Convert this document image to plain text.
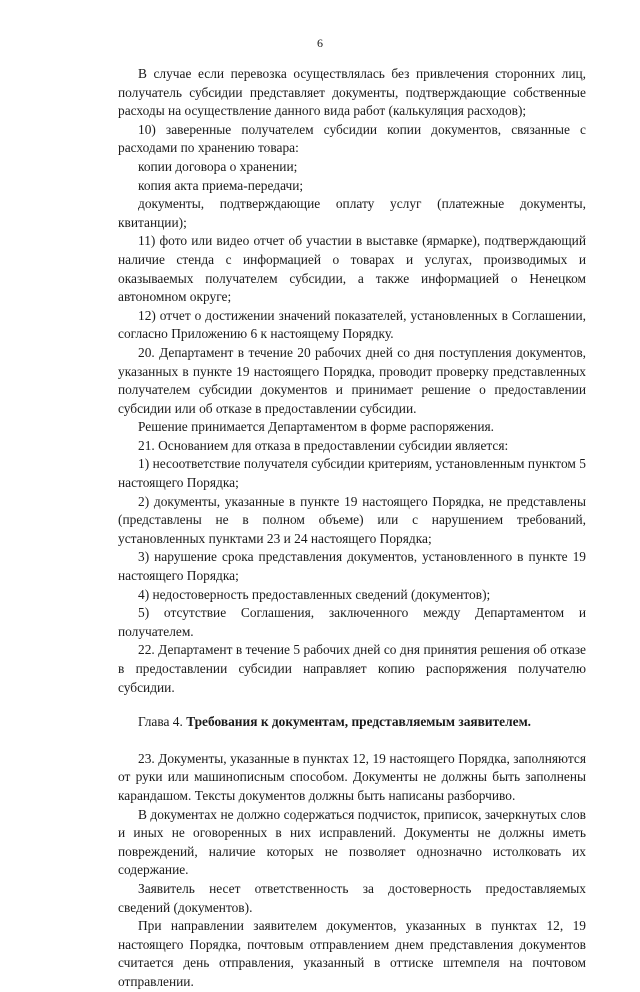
6

В случае если перевозка осуществлялась без привлечения сторонних лиц, получатель субсидии представляет документы, подтверждающие собственные расходы на осуществление данного вида работ (калькуляция расходов);

10) заверенные получателем субсидии копии документов, связанные с расходами по хранению товара:

копии договора о хранении;

копия акта приема-передачи;

документы, подтверждающие оплату услуг (платежные документы, квитанции);

11) фото или видео отчет об участии в выставке (ярмарке), подтверждающий наличие стенда с информацией о товарах и услугах, производимых и оказываемых получателем субсидии, а также информацией о Ненецком автономном округе;

12) отчет о достижении значений показателей, установленных в Соглашении, согласно Приложению 6 к настоящему Порядку.

20. Департамент в течение 20 рабочих дней со дня поступления документов, указанных в пункте 19 настоящего Порядка, проводит проверку представленных получателем субсидии документов и принимает решение о предоставлении субсидии или об отказе в предоставлении субсидии.

Решение принимается Департаментом в форме распоряжения.

21. Основанием для отказа в предоставлении субсидии является:

1) несоответствие получателя субсидии критериям, установленным пунктом 5 настоящего Порядка;

2) документы, указанные в пункте 19 настоящего Порядка, не представлены (представлены не в полном объеме) или с нарушением требований, установленных пунктами 23 и 24 настоящего Порядка;

3) нарушение срока представления документов, установленного в пункте 19 настоящего Порядка;

4) недостоверность предоставленных сведений (документов);

5) отсутствие Соглашения, заключенного между Департаментом и получателем.

22. Департамент в течение 5 рабочих дней со дня принятия решения об отказе в предоставлении субсидии направляет копию распоряжения получателю субсидии.

Глава 4. Требования к документам, представляемым заявителем.

23. Документы, указанные в пунктах 12, 19 настоящего Порядка, заполняются от руки или машинописным способом. Документы не должны быть заполнены карандашом. Тексты документов должны быть написаны разборчиво.

В документах не должно содержаться подчисток, приписок, зачеркнутых слов и иных не оговоренных в них исправлений. Документы не должны иметь повреждений, наличие которых не позволяет однозначно истолковать их содержание.

Заявитель несет ответственность за достоверность предоставляемых сведений (документов).

При направлении заявителем документов, указанных в пунктах 12, 19 настоящего Порядка, почтовым отправлением днем представления документов считается день отправления, указанный в оттиске штемпеля на почтовом отправлении.
